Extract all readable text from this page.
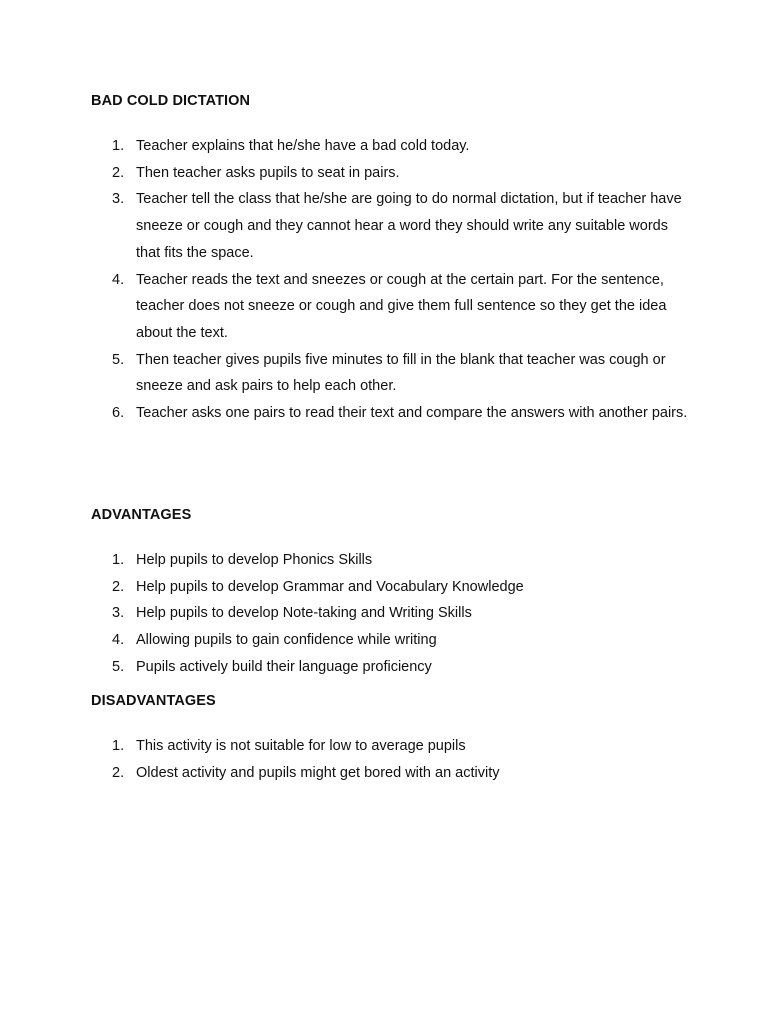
BAD COLD DICTATION
1. Teacher explains that he/she have a bad cold today.
2. Then teacher asks pupils to seat in pairs.
3. Teacher tell the class that he/she are going to do normal dictation, but if teacher have sneeze or cough and they cannot hear a word they should write any suitable words that fits the space.
4. Teacher reads the text and sneezes or cough at the certain part. For the sentence, teacher does not sneeze or cough and give them full sentence so they get the idea about the text.
5. Then teacher gives pupils five minutes to fill in the blank that teacher was cough or sneeze and ask pairs to help each other.
6. Teacher asks one pairs to read their text and compare the answers with another pairs.
ADVANTAGES
1. Help pupils to develop Phonics Skills
2. Help pupils to develop Grammar and Vocabulary Knowledge
3. Help pupils to develop Note-taking and Writing Skills
4. Allowing pupils to gain confidence while writing
5. Pupils actively build their language proficiency
DISADVANTAGES
1. This activity is not suitable for low to average pupils
2. Oldest activity and pupils might get bored with an activity
